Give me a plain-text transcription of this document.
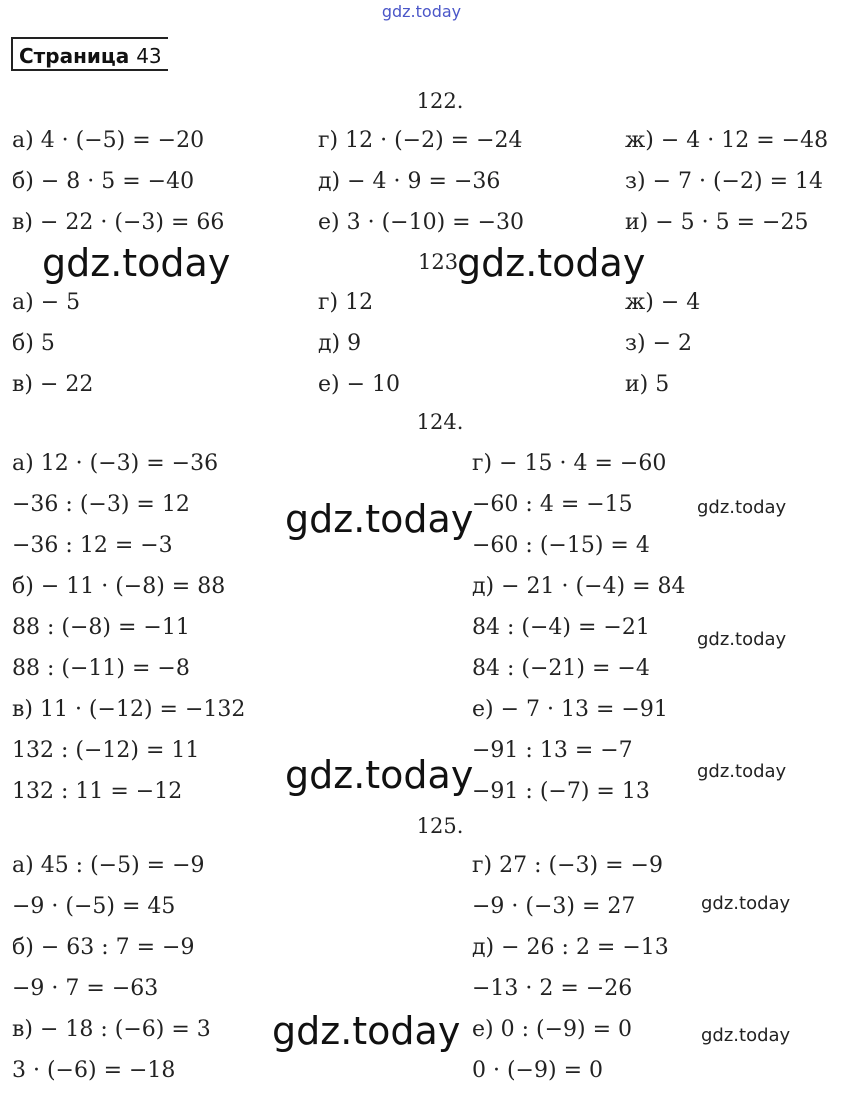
gdz.today
Страница 43
122.
а) 4 · (−5) = −20
б) − 8 · 5 = −40
в) − 22 · (−3) = 66
г) 12 · (−2) = −24
д) − 4 · 9 = −36
е) 3 · (−10) = −30
ж) − 4 · 12 = −48
з) − 7 · (−2) = 14
и) − 5 · 5 = −25
123
а) − 5
б) 5
в) − 22
г) 12
д) 9
е) − 10
ж) − 4
з) − 2
и) 5
124.
а) 12 · (−3) = −36
−36 : (−3) = 12
−36 : 12 = −3
б) − 11 · (−8) = 88
88 : (−8) = −11
88 : (−11) = −8
в) 11 · (−12) = −132
132 : (−12) = 11
132 : 11 = −12
г) − 15 · 4 = −60
−60 : 4 = −15
−60 : (−15) = 4
д) − 21 · (−4) = 84
84 : (−4) = −21
84 : (−21) = −4
е) − 7 · 13 = −91
−91 : 13 = −7
−91 : (−7) = 13
125.
а) 45 : (−5) = −9
−9 · (−5) = 45
б) − 63 : 7 = −9
−9 · 7 = −63
в) − 18 : (−6) = 3
3 · (−6) = −18
г) 27 : (−3) = −9
−9 · (−3) = 27
д) − 26 : 2 = −13
−13 · 2 = −26
е) 0 : (−9) = 0
0 · (−9) = 0
gdz.today	gdz.today
gdz.today
gdz.today
gdz.today
gdz.today
gdz.today
gdz.today
gdz.today
gdz.today
